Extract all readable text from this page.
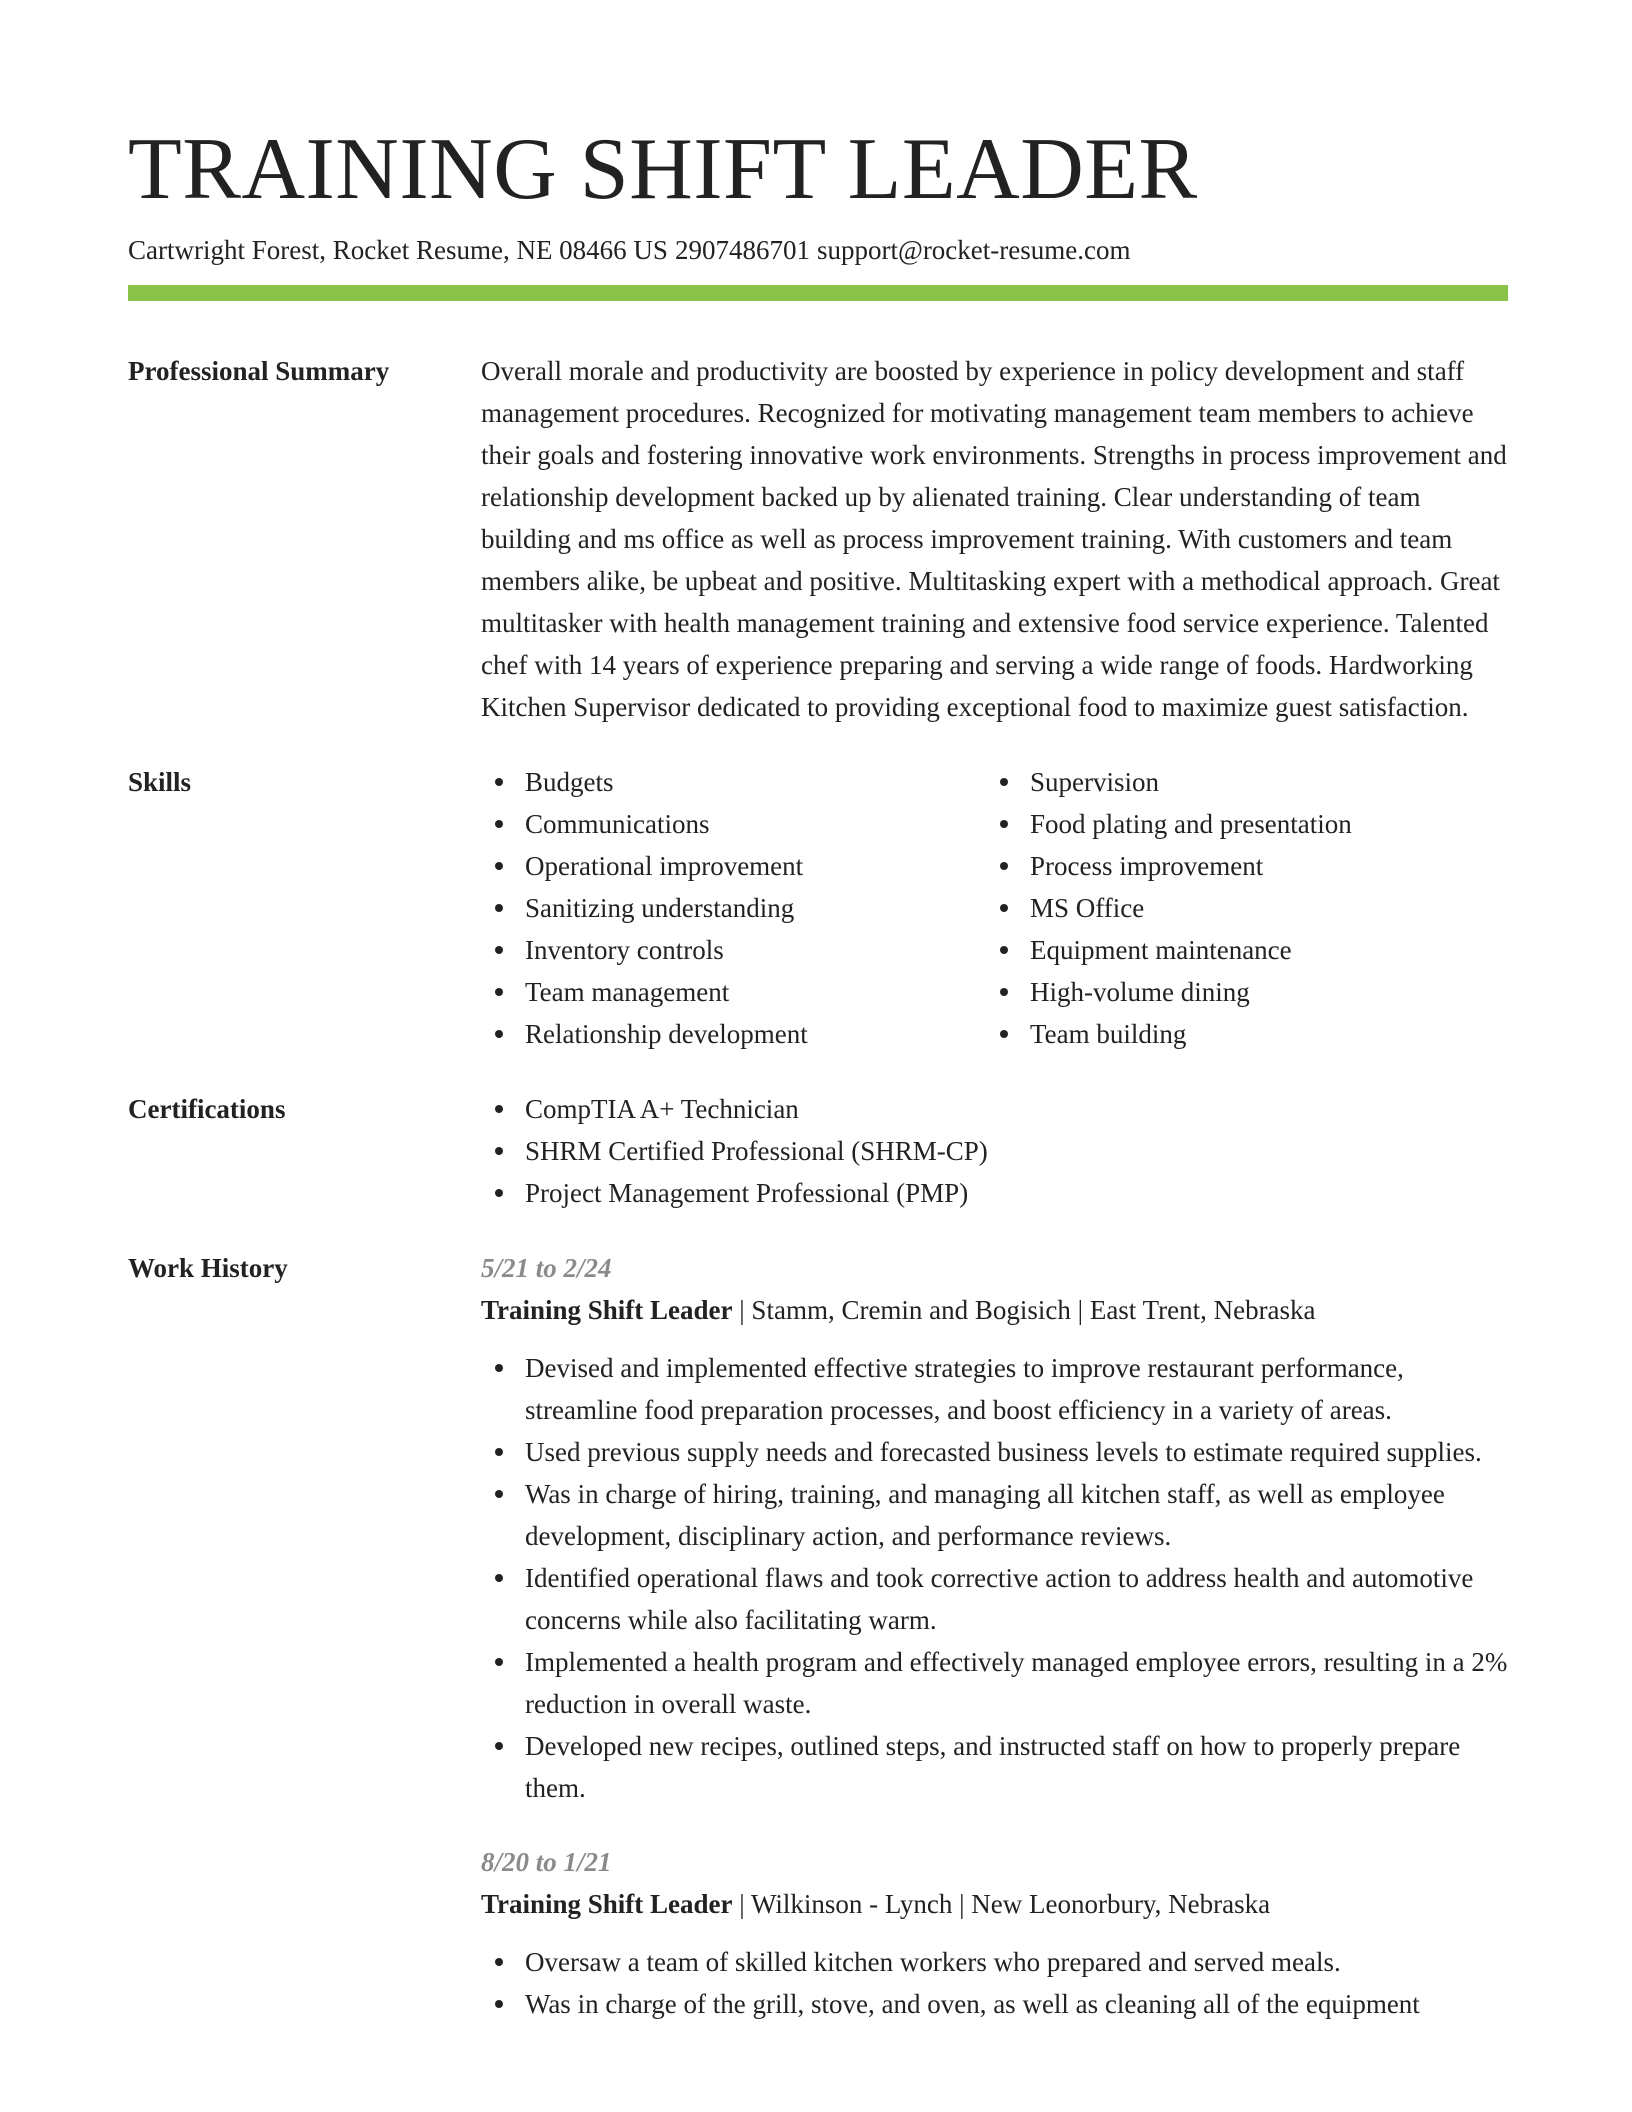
TRAINING SHIFT LEADER
Cartwright Forest, Rocket Resume, NE 08466 US 2907486701 support@rocket-resume.com
Professional Summary	Overall morale and productivity are boosted by experience in policy development and staff management procedures. Recognized for motivating management team members to achieve their goals and fostering innovative work environments. Strengths in process improvement and relationship development backed up by alienated training. Clear understanding of team building and ms office as well as process improvement training. With customers and team members alike, be upbeat and positive. Multitasking expert with a methodical approach. Great multitasker with health management training and extensive food service experience. Talented chef with 14 years of experience preparing and serving a wide range of foods. Hardworking Kitchen Supervisor dedicated to providing exceptional food to maximize guest satisfaction.

Skills	Budgets
Communications
Operational improvement
Sanitizing understanding
Inventory controls
Team management
Relationship development
Supervision
Food plating and presentation
Process improvement
MS Office
Equipment maintenance
High-volume dining
Team building
Certifications	CompTIA A+ Technician
SHRM Certified Professional (SHRM-CP)
Project Management Professional (PMP)
Work History	5/21 to 2/24
Training Shift Leader | Stamm, Cremin and Bogisich | East Trent, Nebraska
Devised and implemented effective strategies to improve restaurant performance, streamline food preparation processes, and boost efficiency in a variety of areas.
Used previous supply needs and forecasted business levels to estimate required supplies.
Was in charge of hiring, training, and managing all kitchen staff, as well as employee development, disciplinary action, and performance reviews.
Identified operational flaws and took corrective action to address health and automotive concerns while also facilitating warm.
Implemented a health program and effectively managed employee errors, resulting in a 2% reduction in overall waste.
Developed new recipes, outlined steps, and instructed staff on how to properly prepare them.
8/20 to 1/21
Training Shift Leader | Wilkinson - Lynch | New Leonorbury, Nebraska
Oversaw a team of skilled kitchen workers who prepared and served meals.
Was in charge of the grill, stove, and oven, as well as cleaning all of the equipment
